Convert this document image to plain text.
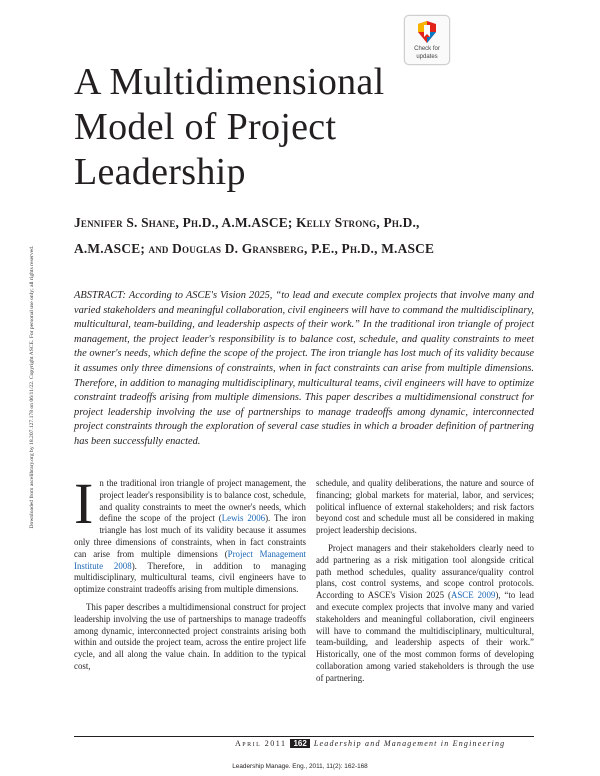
Downloaded from ascelibrary.org by 18.207.127.178 on 06/11/22. Copyright ASCE. For personal use only; all rights reserved.
Check for
updates
A Multidimensional
Model of Project
Leadership
Jennifer S. Shane, Ph.D., A.M.ASCE; Kelly Strong, Ph.D.,
A.M.ASCE; and Douglas D. Gransberg, P.E., Ph.D., M.ASCE
ABSTRACT: According to ASCE's Vision 2025, “to lead and execute complex projects that involve many and varied stakeholders and meaningful collaboration, civil engineers will have to command the multidisciplinary, multicultural, team-building, and leadership aspects of their work.” In the traditional iron triangle of project management, the project leader's responsibility is to balance cost, schedule, and quality constraints to meet the owner's needs, which define the scope of the project. The iron triangle has lost much of its validity because it assumes only three dimensions of constraints, when in fact constraints can arise from multiple dimensions. Therefore, in addition to managing multidisciplinary, multicultural teams, civil engineers will have to optimize constraint tradeoffs arising from multiple dimensions. This paper describes a multidimensional construct for project leadership involving the use of partnerships to manage tradeoffs among dynamic, interconnected project constraints through the exploration of several case studies in which a broader definition of partnering has been successfully enacted.

In the traditional iron triangle of project management, the project leader's responsibility is to balance cost, schedule, and quality constraints to meet the owner's needs, which define the scope of the project (Lewis 2006). The iron triangle has lost much of its validity because it assumes only three dimensions of constraints, when in fact constraints can arise from multiple dimensions (Project Management Institute 2008). Therefore, in addition to managing multidisciplinary, multicultural teams, civil engineers have to optimize constraint tradeoffs arising from multiple dimensions.

This paper describes a multidimensional construct for project leadership involving the use of partnerships to manage tradeoffs among dynamic, interconnected project constraints arising both within and outside the project team, across the entire project life cycle, and all along the value chain. In addition to the typical cost,

schedule, and quality deliberations, the nature and source of financing; global markets for material, labor, and services; political influence of external stakeholders; and risk factors beyond cost and schedule must all be considered in making project leadership decisions.

Project managers and their stakeholders clearly need to add partnering as a risk mitigation tool alongside critical path method schedules, quality assurance/quality control plans, cost control systems, and scope control protocols. According to ASCE's Vision 2025 (ASCE 2009), “to lead and execute complex projects that involve many and varied stakeholders and meaningful collaboration, civil engineers will have to command the multidisciplinary, multicultural, team-building, and leadership aspects of their work.” Historically, one of the most common forms of developing collaboration among varied stakeholders is through the use of partnering.

April 2011 162 Leadership and Management in Engineering
Leadership Manage. Eng., 2011, 11(2): 162-168
